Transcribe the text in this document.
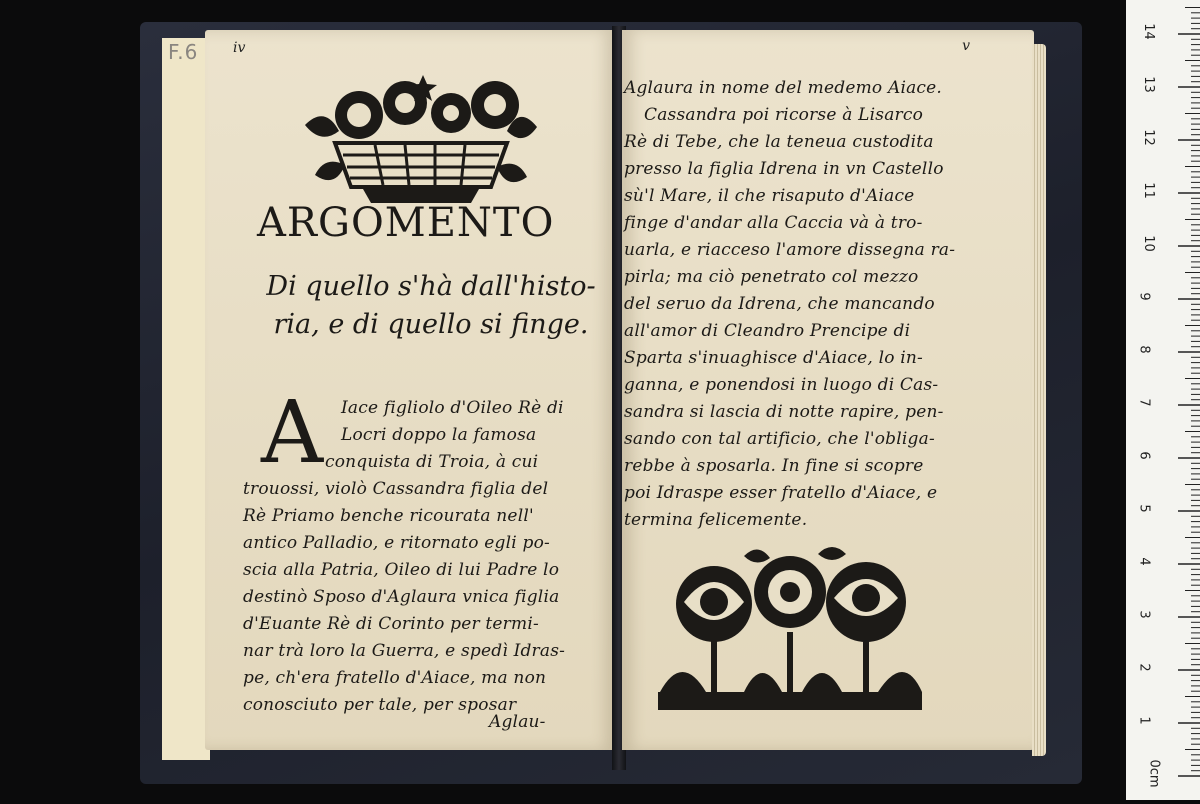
F.6 iv
ARGOMENTO
Di quello s'hà dall'histo-
ria, e di quello si finge.
A Iace figliolo d'Oileo Rè di
Locri doppo la famosa
conquista di Troia, à cui
trouossi, violò Cassandra figlia del
Rè Priamo benche ricourata nell'
antico Palladio, e ritornato egli po-
scia alla Patria, Oileo di lui Padre lo
destinò Sposo d'Aglaura vnica figlia
d'Euante Rè di Corinto per termi-
nar trà loro la Guerra, e spedì Idras-
pe, ch'era fratello d'Aiace, ma non
conosciuto per tale, per sposar
Aglau-
v
Aglaura in nome del medemo Aiace.
Cassandra poi ricorse à Lisarco
Rè di Tebe, che la teneua custodita
presso la figlia Idrena in vn Castello
sù'l Mare, il che risaputo d'Aiace
finge d'andar alla Caccia và à tro-
uarla, e riacceso l'amore dissegna ra-
pirla; ma ciò penetrato col mezzo
del seruo da Idrena, che mancando
all'amor di Cleandro Prencipe di
Sparta s'inuaghisce d'Aiace, lo in-
ganna, e ponendosi in luogo di Cas-
sandra si lascia di notte rapire, pen-
sando con tal artificio, che l'obliga-
rebbe à sposarla. In fine si scopre
poi Idraspe esser fratello d'Aiace, e
termina felicemente.
0cm
1
2
3
4
5
6
7
8
9
10
11
12
13
14
